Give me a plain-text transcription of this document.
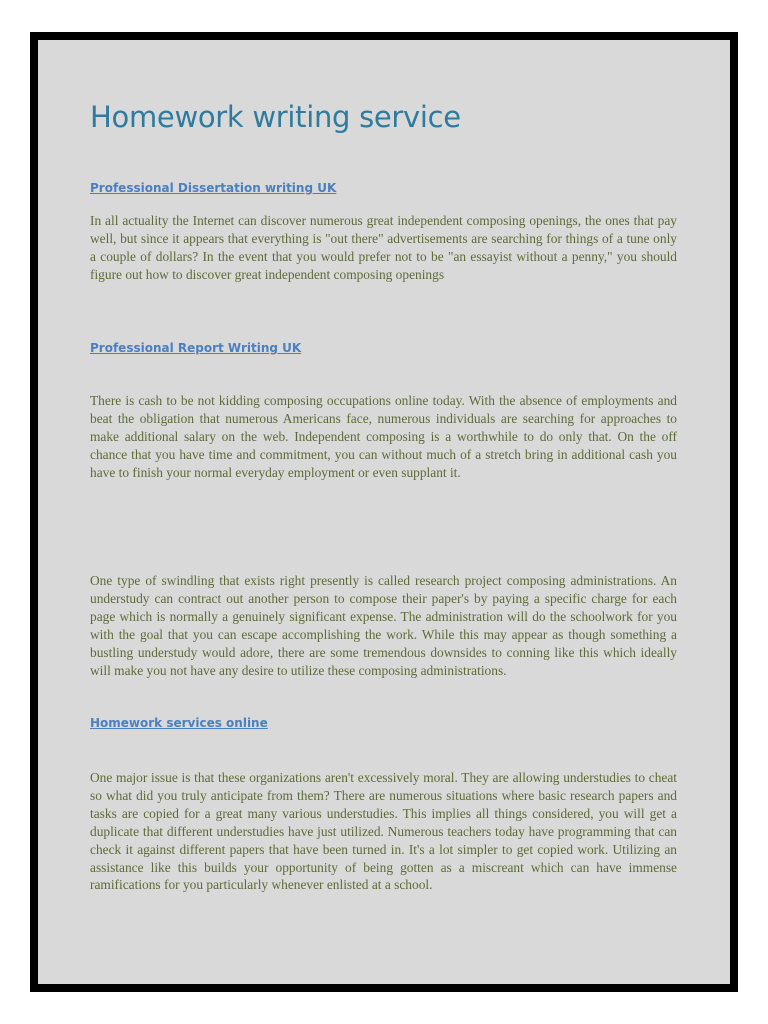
Homework writing service
Professional Dissertation writing UK

In all actuality the Internet can discover numerous great independent composing openings, the ones that pay well, but since it appears that everything is "out there" advertisements are searching for things of a tune only a couple of dollars? In the event that you would prefer not to be "an essayist without a penny," you should figure out how to discover great independent composing openings

Professional Report Writing UK

There is cash to be not kidding composing occupations online today. With the absence of employments and beat the obligation that numerous Americans face, numerous individuals are searching for approaches to make additional salary on the web. Independent composing is a worthwhile to do only that. On the off chance that you have time and commitment, you can without much of a stretch bring in additional cash you have to finish your normal everyday employment or even supplant it.

One type of swindling that exists right presently is called research project composing administrations. An understudy can contract out another person to compose their paper's by paying a specific charge for each page which is normally a genuinely significant expense. The administration will do the schoolwork for you with the goal that you can escape accomplishing the work. While this may appear as though something a bustling understudy would adore, there are some tremendous downsides to conning like this which ideally will make you not have any desire to utilize these composing administrations.

Homework services online

One major issue is that these organizations aren't excessively moral. They are allowing understudies to cheat so what did you truly anticipate from them? There are numerous situations where basic research papers and tasks are copied for a great many various understudies. This implies all things considered, you will get a duplicate that different understudies have just utilized. Numerous teachers today have programming that can check it against different papers that have been turned in. It's a lot simpler to get copied work. Utilizing an assistance like this builds your opportunity of being gotten as a miscreant which can have immense ramifications for you particularly whenever enlisted at a school.
